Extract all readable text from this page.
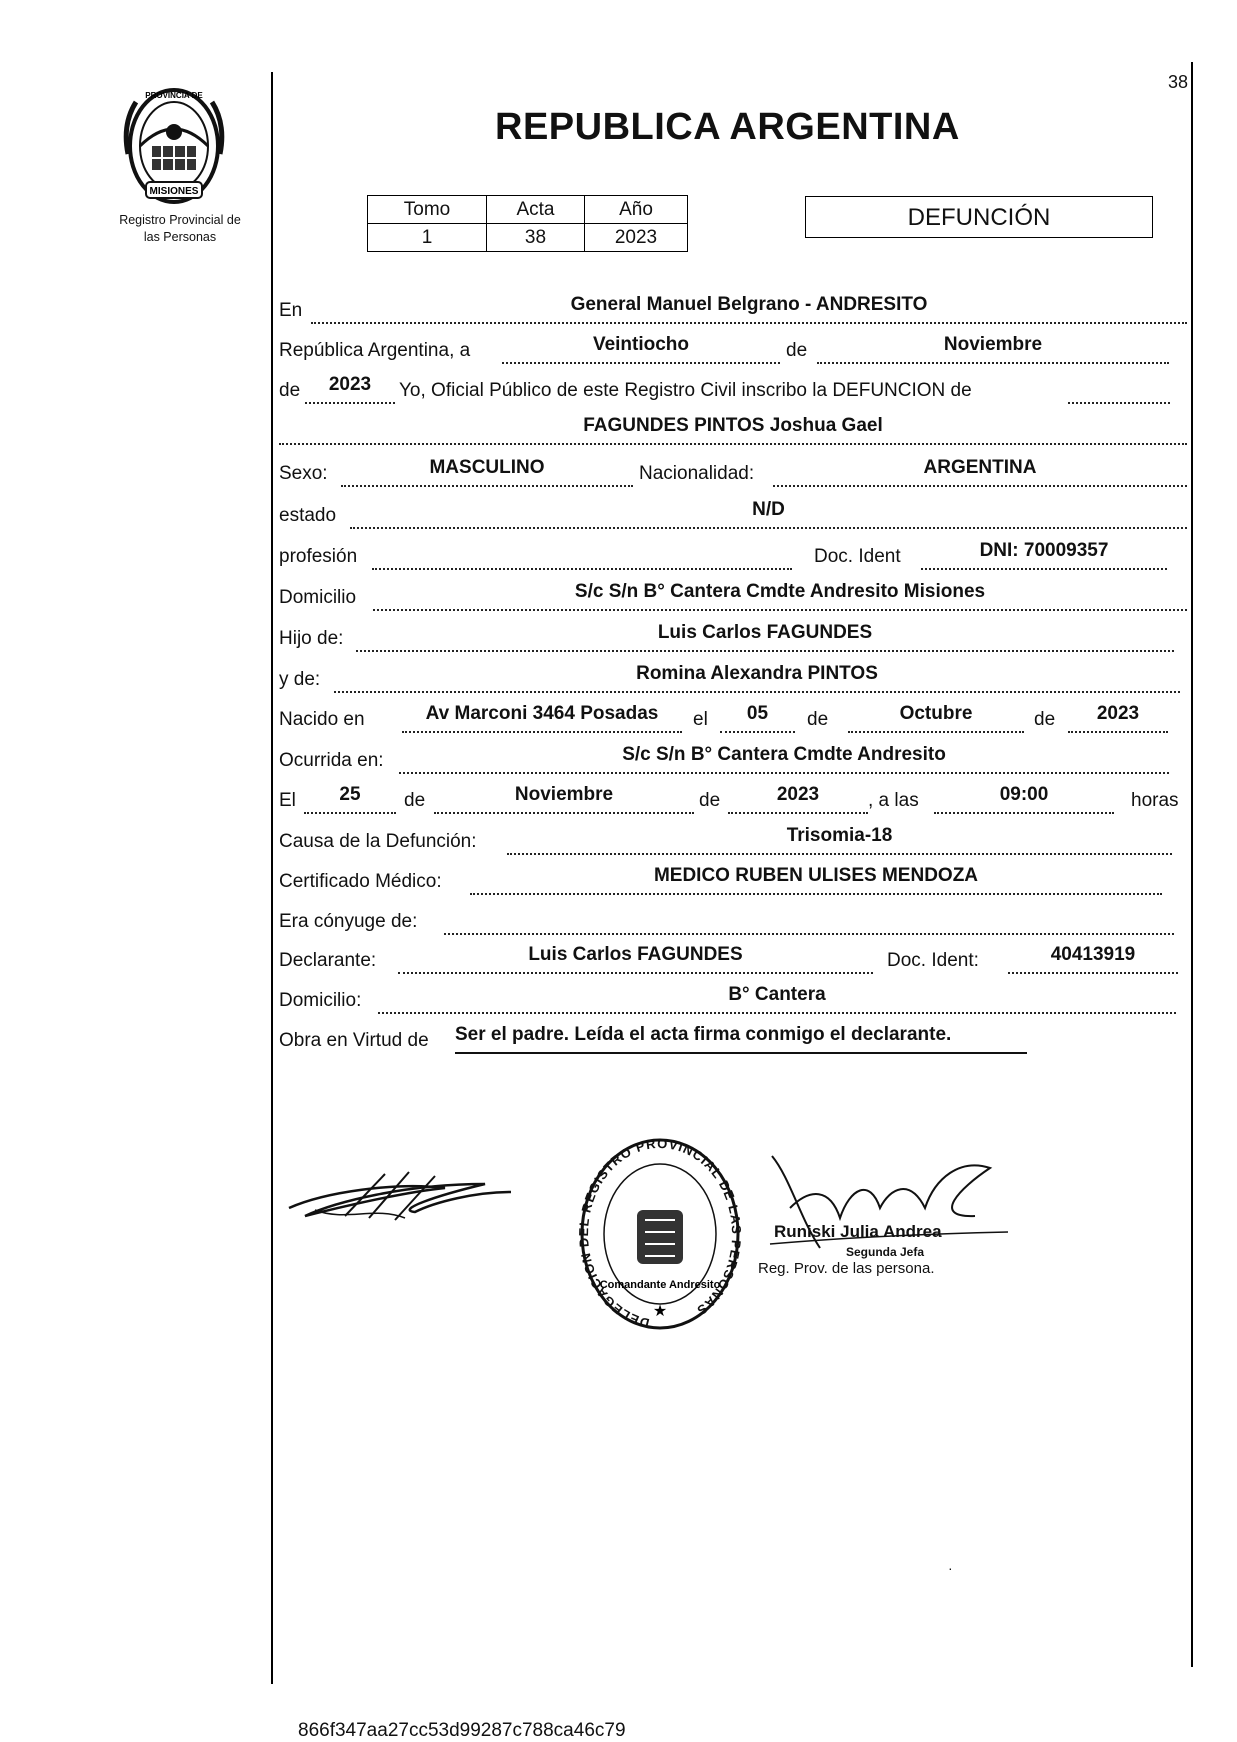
MISIONES
PROVINCIA DE
Registro Provincial de
las Personas
38
REPUBLICA ARGENTINA
Tomo	Acta	Año
1	38	2023
DEFUNCIÓN
En	General Manuel Belgrano - ANDRESITO
República Argentina, a	Veintiocho	de	Noviembre
de	2023	Yo, Oficial Público de este Registro Civil inscribo la DEFUNCION de
FAGUNDES PINTOS Joshua Gael
Sexo:	MASCULINO	Nacionalidad:	ARGENTINA
estado	N/D
profesión	Doc. Ident	DNI: 70009357
Domicilio	S/c S/n B° Cantera Cmdte Andresito Misiones
Hijo de:	Luis Carlos FAGUNDES
y de:	Romina Alexandra PINTOS
Nacido en	Av Marconi 3464 Posadas	el	05	de	Octubre	de	2023
Ocurrida en:	S/c S/n B° Cantera Cmdte Andresito
El	25	de	Noviembre	de	2023	, a las	09:00	horas
Causa de la Defunción:	Trisomia-18
Certificado Médico:	MEDICO RUBEN ULISES MENDOZA
Era cónyuge de:
Declarante:	Luis Carlos FAGUNDES	Doc. Ident:	40413919
Domicilio:	B° Cantera
Obra en Virtud de Ser el padre. Leída el acta firma conmigo el declarante.
DELEGACION DEL REGISTRO PROVINCIAL DE LAS PERSONAS
Comandante Andresito
★
Runiski Julia Andrea
Segunda Jefa
Reg. Prov. de las persona.
·
866f347aa27cc53d99287c788ca46c79
